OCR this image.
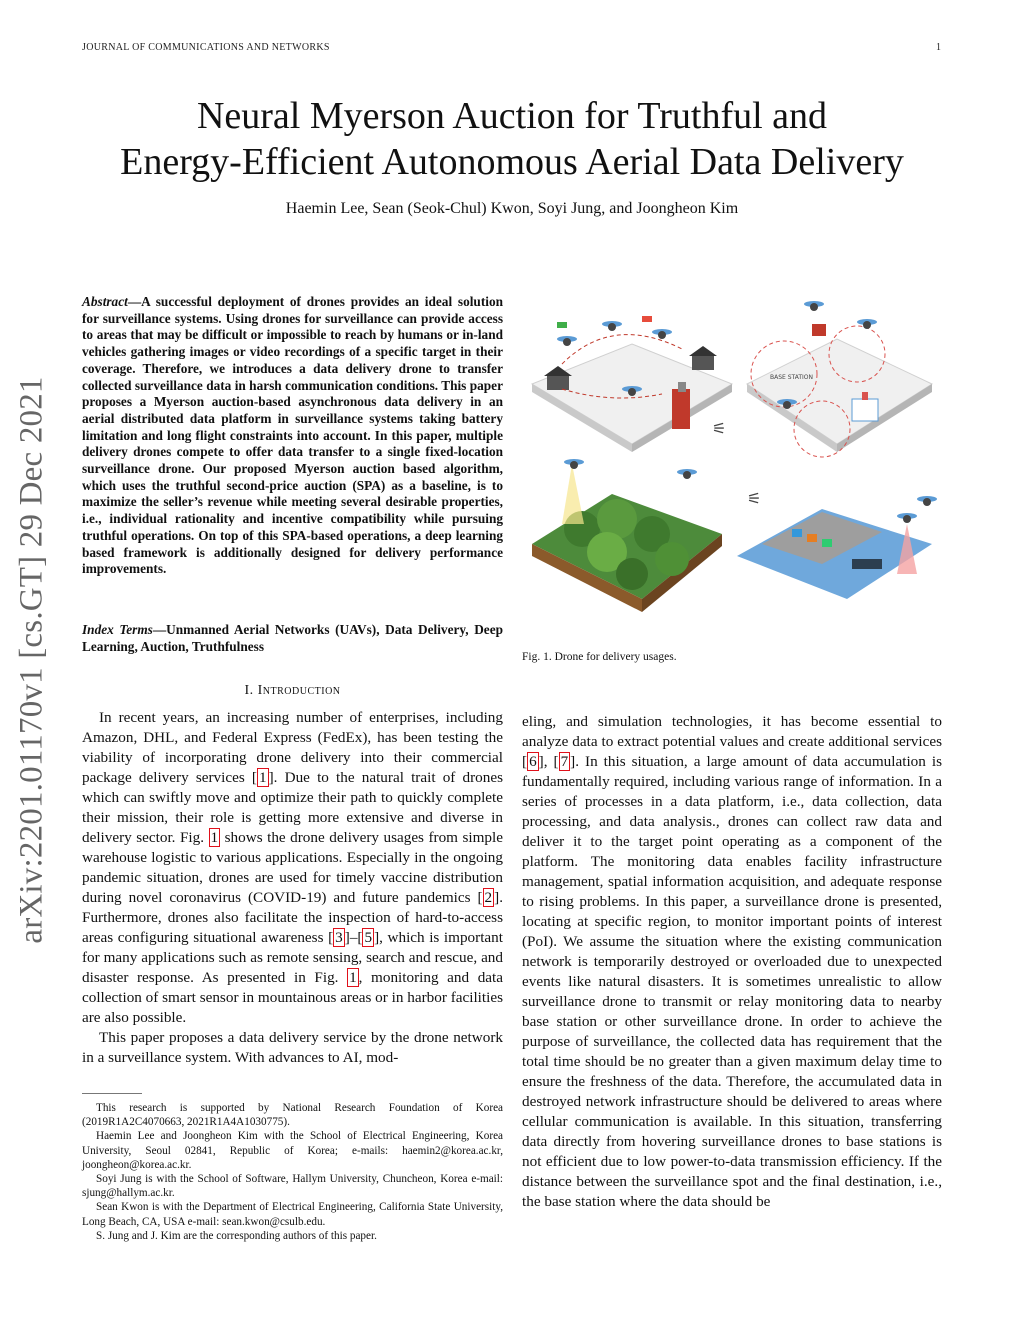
JOURNAL OF COMMUNICATIONS AND NETWORKS	1
Neural Myerson Auction for Truthful and
Energy-Efficient Autonomous Aerial Data Delivery
Haemin Lee, Sean (Seok-Chul) Kwon, Soyi Jung, and Joongheon Kim
arXiv:2201.01170v1 [cs.GT] 29 Dec 2021
Abstract—A successful deployment of drones provides an ideal solution for surveillance systems. Using drones for surveillance can provide access to areas that may be difficult or impossible to reach by humans or in-land vehicles gathering images or video recordings of a specific target in their coverage. Therefore, we introduces a data delivery drone to transfer collected surveillance data in harsh communication conditions. This paper proposes a Myerson auction-based asynchronous data delivery in an aerial distributed data platform in surveillance systems taking battery limitation and long flight constraints into account. In this paper, multiple delivery drones compete to offer data transfer to a single fixed-location surveillance drone. Our proposed Myerson auction based algorithm, which uses the truthful second-price auction (SPA) as a baseline, is to maximize the seller’s revenue while meeting several desirable properties, i.e., individual rationality and incentive compatibility while pursuing truthful operations. On top of this SPA-based operations, a deep learning based framework is additionally designed for delivery performance improvements.
Index Terms—Unmanned Aerial Networks (UAVs), Data Delivery, Deep Learning, Auction, Truthfulness
I. Introduction

In recent years, an increasing number of enterprises, including Amazon, DHL, and Federal Express (FedEx), has been testing the viability of incorporating drone delivery into their commercial package delivery services [ 1 ]. Due to the natural trait of drones which can swiftly move and optimize their path to quickly complete their mission, their role is getting more extensive and diverse in delivery sector. Fig. 1 shows the drone delivery usages from simple warehouse logistic to various applications. Especially in the ongoing pandemic situation, drones are used for timely vaccine distribution during novel coronavirus (COVID-19) and future pandemics [ 2 ]. Furthermore, drones also facilitate the inspection of hard-to-access areas configuring situational awareness [ 3 ]–[ 5 ], which is important for many applications such as remote sensing, search and rescue, and disaster response. As presented in Fig. 1 , monitoring and data collection of smart sensor in mountainous areas or in harbor facilities are also possible.

This paper proposes a data delivery service by the drone network in a surveillance system. With advances to AI, mod-

This research is supported by National Research Foundation of Korea (2019R1A2C4070663, 2021R1A4A1030775).

Haemin Lee and Joongheon Kim with the School of Electrical Engineering, Korea University, Seoul 02841, Republic of Korea; e-mails: haemin2@korea.ac.kr, joongheon@korea.ac.kr.

Soyi Jung is with the School of Software, Hallym University, Chuncheon, Korea e-mail: sjung@hallym.ac.kr.

Sean Kwon is with the Department of Electrical Engineering, California State University, Long Beach, CA, USA e-mail: sean.kwon@csulb.edu.

S. Jung and J. Kim are the corresponding authors of this paper.

⚟
BASE STATION
⚟
Fig. 1. Drone for delivery usages.

eling, and simulation technologies, it has become essential to analyze data to extract potential values and create additional services [ 6 ], [ 7 ]. In this situation, a large amount of data accumulation is fundamentally required, including various range of information. In a series of processes in a data platform, i.e., data collection, data processing, and data analysis., drones can collect raw data and deliver it to the target point operating as a component of the platform. The monitoring data enables facility infrastructure management, spatial information acquisition, and adequate response to rising problems. In this paper, a surveillance drone is presented, locating at specific region, to monitor important points of interest (PoI). We assume the situation where the existing communication network is temporarily destroyed or overloaded due to unexpected events like natural disasters. It is sometimes unrealistic to allow surveillance drone to transmit or relay monitoring data to nearby base station or other surveillance drone. In order to achieve the purpose of surveillance, the collected data has requirement that the total time should be no greater than a given maximum delay time to ensure the freshness of the data. Therefore, the accumulated data in destroyed network infrastructure should be delivered to areas where cellular communication is available. In this situation, transferring data directly from hovering surveillance drones to base stations is not efficient due to low power-to-data transmission efficiency. If the distance between the surveillance spot and the final destination, i.e., the base station where the data should be
